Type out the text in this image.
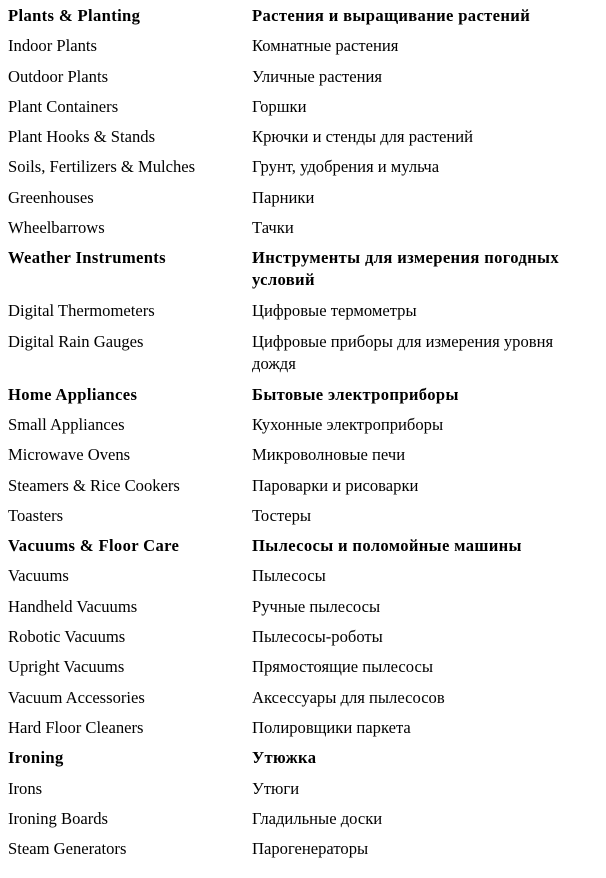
Plants & Planting	Растения и выращивание растений
Indoor Plants	Комнатные растения
Outdoor Plants	Уличные растения
Plant Containers	Горшки
Plant Hooks & Stands	Крючки и стенды для растений
Soils, Fertilizers & Mulches	Грунт, удобрения и мульча
Greenhouses	Парники
Wheelbarrows	Тачки
Weather Instruments	Инструменты для измерения погодных условий
Digital Thermometers	Цифровые термометры
Digital Rain Gauges	Цифровые приборы для измерения уровня дождя
Home Appliances	Бытовые электроприборы
Small Appliances	Кухонные электроприборы
Microwave Ovens	Микроволновые печи
Steamers & Rice Cookers	Пароварки и рисоварки
Toasters	Тостеры
Vacuums & Floor Care	Пылесосы и поломойные машины
Vacuums	Пылесосы
Handheld Vacuums	Ручные пылесосы
Robotic Vacuums	Пылесосы-роботы
Upright Vacuums	Прямостоящие пылесосы
Vacuum Accessories	Аксессуары для пылесосов
Hard Floor Cleaners	Полировщики паркета
Ironing	Утюжка
Irons	Утюги
Ironing Boards	Гладильные доски
Steam Generators	Парогенераторы
